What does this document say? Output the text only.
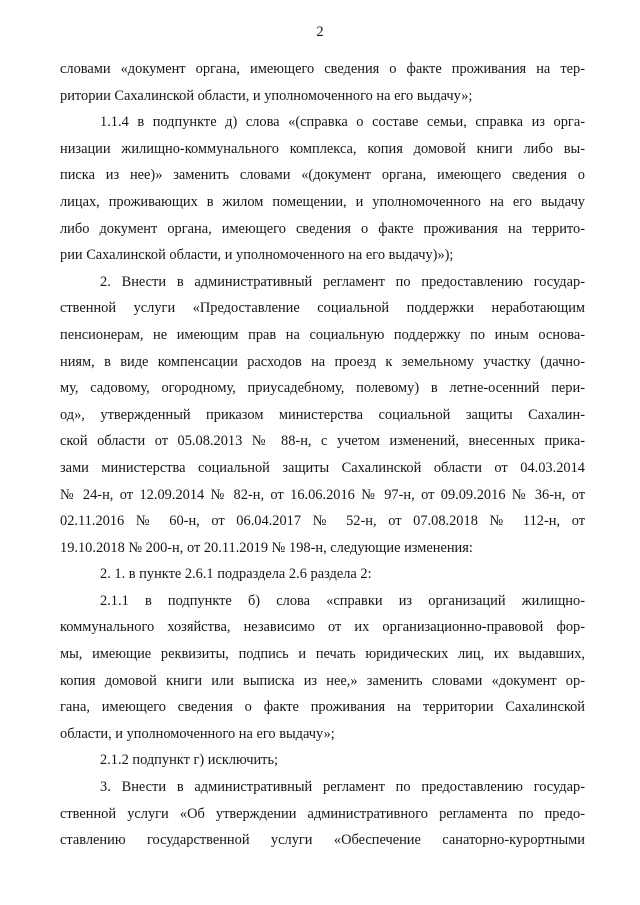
2
словами «документ органа, имеющего сведения о факте проживания на тер-
ритории Сахалинской области, и уполномоченного на его выдачу»;
1.1.4 в подпункте д) слова «(справка о составе семьи, справка из орга-
низации жилищно-коммунального комплекса, копия домовой книги либо вы-
писка из нее)» заменить словами «(документ органа, имеющего сведения о
лицах, проживающих в жилом помещении, и уполномоченного на его выдачу
либо документ органа, имеющего сведения о факте проживания на террито-
рии Сахалинской области, и уполномоченного на его выдачу)»);
2. Внести в административный регламент по предоставлению государ-
ственной услуги «Предоставление социальной поддержки неработающим
пенсионерам, не имеющим прав на социальную поддержку по иным основа-
ниям, в виде компенсации расходов на проезд к земельному участку (дачно-
му, садовому, огородному, приусадебному, полевому) в летне-осенний пери-
од», утвержденный приказом министерства социальной защиты Сахалин-
ской области от 05.08.2013 № 88-н, с учетом изменений, внесенных прика-
зами министерства социальной защиты Сахалинской области от 04.03.2014
№ 24-н, от 12.09.2014 № 82-н, от 16.06.2016 № 97-н, от 09.09.2016 № 36-н, от
02.11.2016 № 60-н, от 06.04.2017 № 52-н, от 07.08.2018 № 112-н, от
19.10.2018 № 200-н, от 20.11.2019 № 198-н, следующие изменения:
2. 1. в пункте 2.6.1 подраздела 2.6 раздела 2:
2.1.1 в подпункте б) слова «справки из организаций жилищно-
коммунального хозяйства, независимо от их организационно-правовой фор-
мы, имеющие реквизиты, подпись и печать юридических лиц, их выдавших,
копия домовой книги или выписка из нее,» заменить словами «документ ор-
гана, имеющего сведения о факте проживания на территории Сахалинской
области, и уполномоченного на его выдачу»;
2.1.2 подпункт г) исключить;
3. Внести в административный регламент по предоставлению государ-
ственной услуги «Об утверждении административного регламента по предо-
ставлению государственной услуги «Обеспечение санаторно-курортными
